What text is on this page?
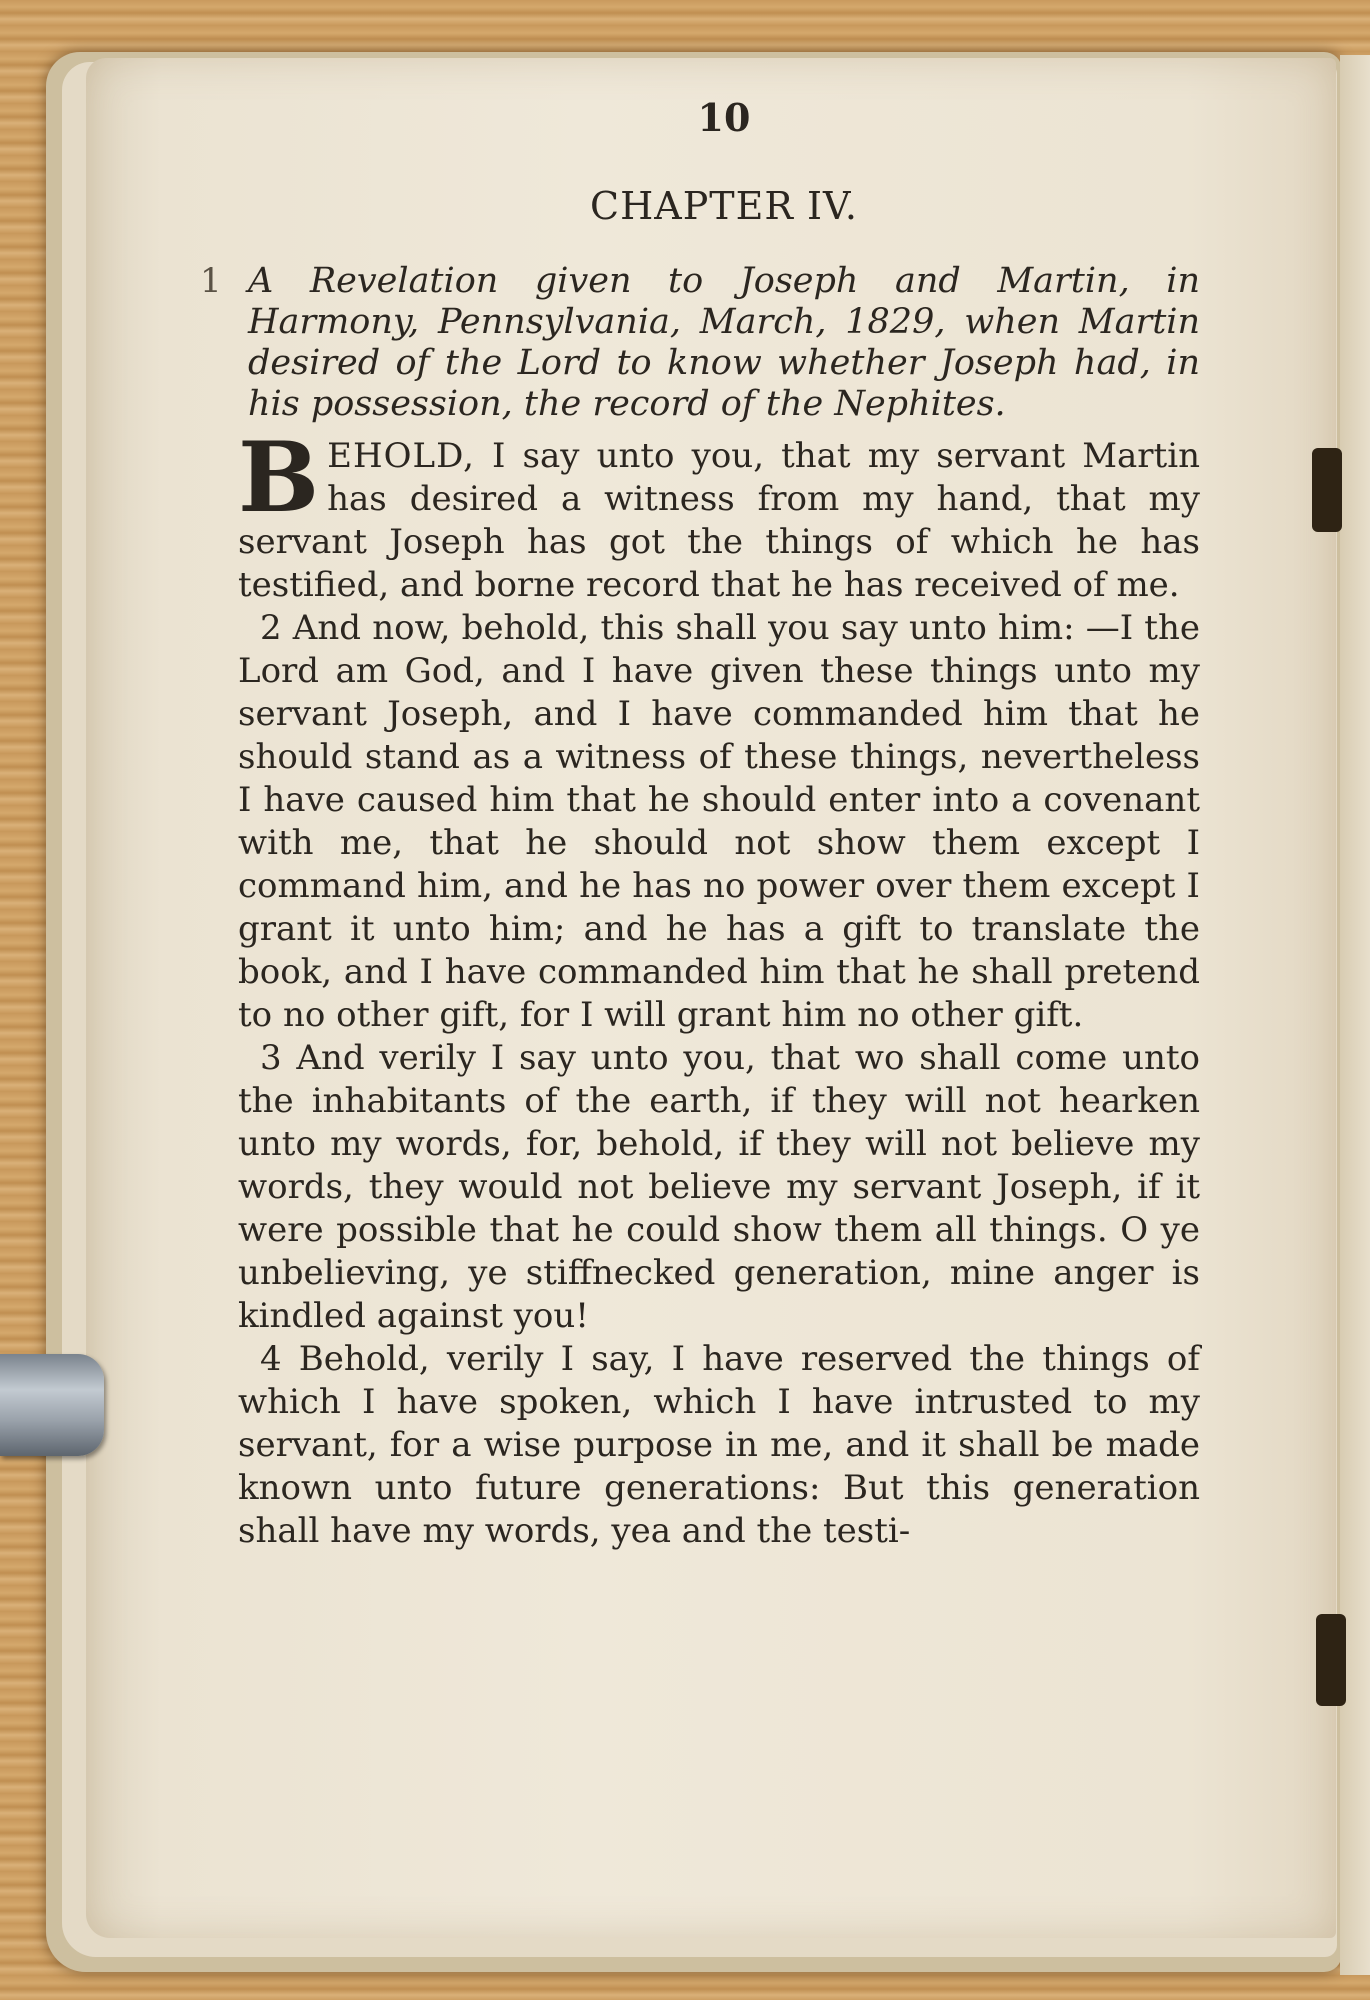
10
CHAPTER IV.
1 A Revelation given to Joseph and Martin, in Harmony, Pennsylvania, March, 1829, when Martin desired of the Lord to know whether Joseph had, in his possession, the record of the Nephites.

BEHOLD, I say unto you, that my servant Martin has desired a witness from my hand, that my servant Joseph has got the things of which he has testified, and borne record that he has received of me.

2 And now, behold, this shall you say unto him: —I the Lord am God, and I have given these things unto my servant Joseph, and I have commanded him that he should stand as a witness of these things, nevertheless I have caused him that he should enter into a covenant with me, that he should not show them except I command him, and he has no power over them except I grant it unto him; and he has a gift to translate the book, and I have commanded him that he shall pretend to no other gift, for I will grant him no other gift.

3 And verily I say unto you, that wo shall come unto the inhabitants of the earth, if they will not hearken unto my words, for, behold, if they will not believe my words, they would not believe my servant Joseph, if it were possible that he could show them all things. O ye unbelieving, ye stiffnecked generation, mine anger is kindled against you!

4 Behold, verily I say, I have reserved the things of which I have spoken, which I have intrusted to my servant, for a wise purpose in me, and it shall be made known unto future generations: But this generation shall have my words, yea and the testi-
